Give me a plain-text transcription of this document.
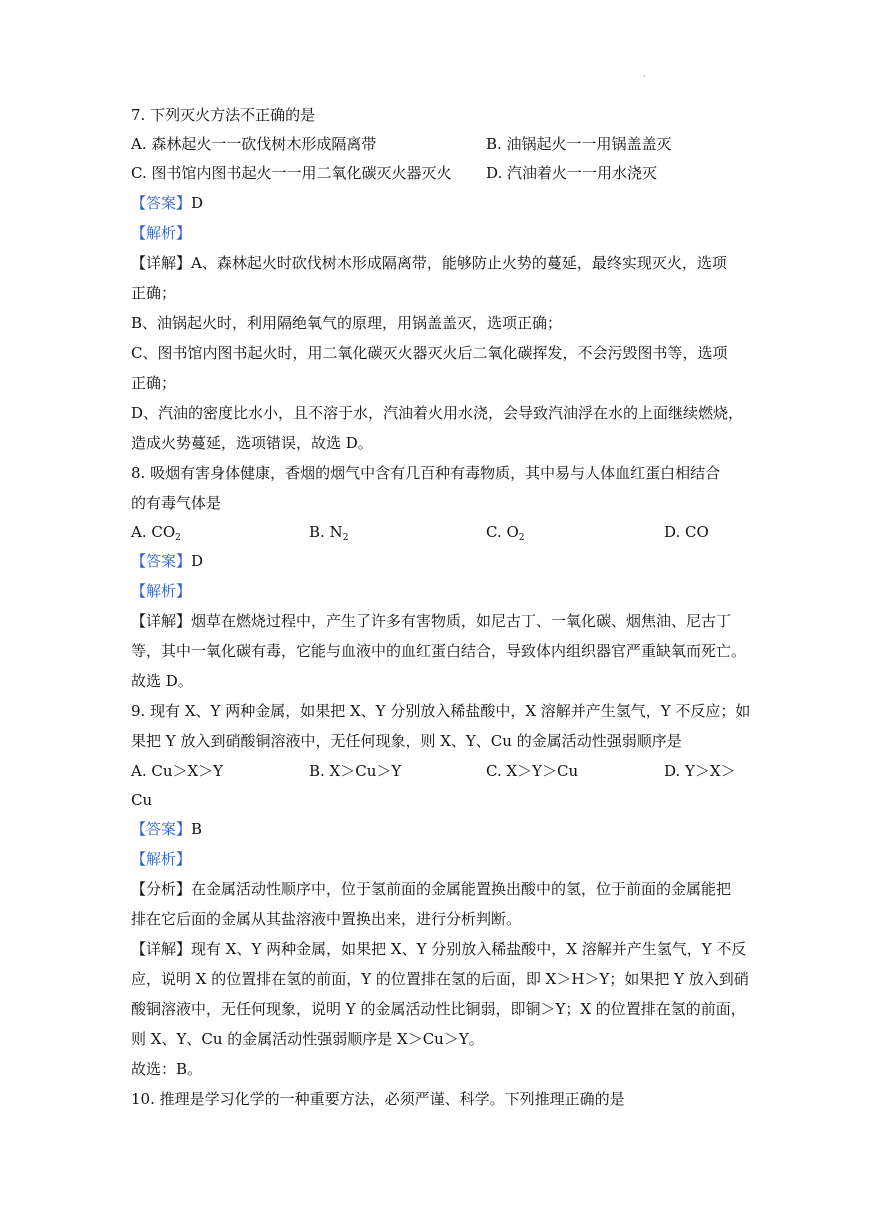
·
7. 下列灭火方法不正确的是
A. 森林起火一一砍伐树木形成隔离带	B. 油锅起火一一用锅盖盖灭
C. 图书馆内图书起火一一用二氧化碳灭火器灭火 D. 汽油着火一一用水浇灭
【答案】D
【解析】
【详解】A、森林起火时砍伐树木形成隔离带，能够防止火势的蔓延，最终实现灭火，选项
正确；
B、油锅起火时，利用隔绝氧气的原理，用锅盖盖灭，选项正确；
C、图书馆内图书起火时，用二氧化碳灭火器灭火后二氧化碳挥发，不会污毁图书等，选项
正确；
D、汽油的密度比水小，且不溶于水，汽油着火用水浇，会导致汽油浮在水的上面继续燃烧，
造成火势蔓延，选项错误，故选 D。
8. 吸烟有害身体健康，香烟的烟气中含有几百种有毒物质，其中易与人体血红蛋白相结合
的有毒气体是
A. $CO_2$	B. $N_2$	C. $O_2$	D. CO
【答案】D
【解析】
【详解】烟草在燃烧过程中，产生了许多有害物质，如尼古丁、一氧化碳、烟焦油、尼古丁
等，其中一氧化碳有毒，它能与血液中的血红蛋白结合，导致体内组织器官严重缺氧而死亡。
故选 D。
9. 现有 X、Y 两种金属，如果把 X、Y 分别放入稀盐酸中，X 溶解并产生氢气，Y 不反应；如
果把 Y 放入到硝酸铜溶液中，无任何现象，则 X、Y、Cu 的金属活动性强弱顺序是
A. Cu＞X＞Y	B. X＞Cu＞Y	C. X＞Y＞Cu	D. Y＞X＞
Cu
【答案】B
【解析】
【分析】在金属活动性顺序中，位于氢前面的金属能置换出酸中的氢，位于前面的金属能把
排在它后面的金属从其盐溶液中置换出来，进行分析判断。
【详解】现有 X、Y 两种金属，如果把 X、Y 分别放入稀盐酸中，X 溶解并产生氢气，Y 不反
应，说明 X 的位置排在氢的前面，Y 的位置排在氢的后面，即 X＞H＞Y；如果把 Y 放入到硝
酸铜溶液中，无任何现象，说明 Y 的金属活动性比铜弱，即铜＞Y；X 的位置排在氢的前面，
则 X、Y、Cu 的金属活动性强弱顺序是 X＞Cu＞Y。
故选：B。
10. 推理是学习化学的一种重要方法，必须严谨、科学。下列推理正确的是
